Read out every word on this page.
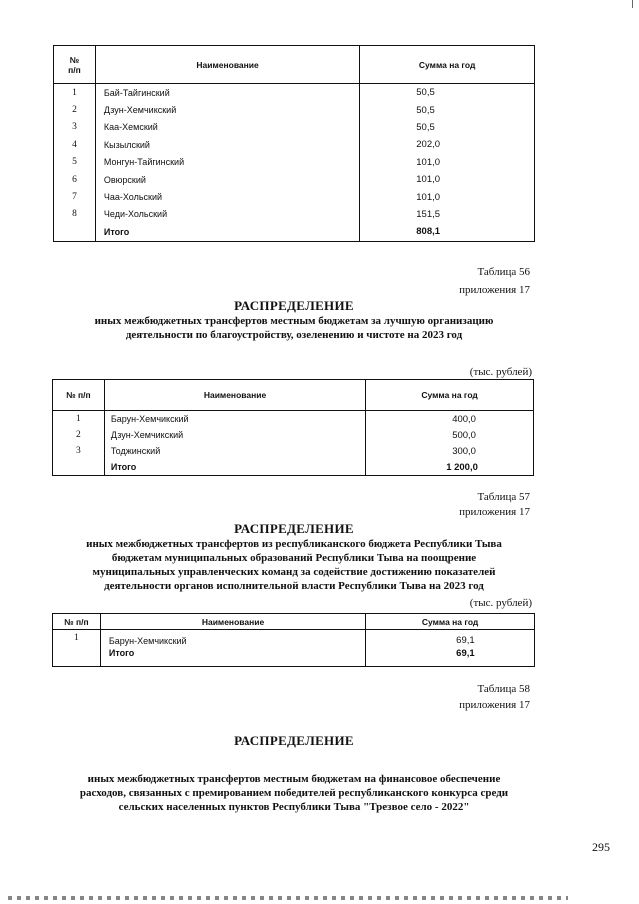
№
п/п	Наименование	Сумма на год
1	Бай-Тайгинский	50,5
2	Дзун-Хемчикский	50,5
3	Каа-Хемский	50,5
4	Кызылский	202,0
5	Монгун-Тайгинский	101,0
6	Овюрский	101,0
7	Чаа-Хольский	101,0
8	Чеди-Хольский	151,5
	Итого	808,1
Таблица 56
приложения 17
РАСПРЕДЕЛЕНИЕ
иных межбюджетных трансфертов местным бюджетам за лучшую организацию
деятельности по благоустройству, озеленению и чистоте на 2023 год
(тыс. рублей)
№ п/п	Наименование	Сумма на год
1	Барун-Хемчикский	400,0
2	Дзун-Хемчикский	500,0
3	Тоджинский	300,0
	Итого	1 200,0
Таблица 57
приложения 17
РАСПРЕДЕЛЕНИЕ
иных межбюджетных трансфертов из республиканского бюджета Республики Тыва
бюджетам муниципальных образований Республики Тыва на поощрение
муниципальных управленческих команд за содействие достижению показателей
деятельности органов исполнительной власти Республики Тыва на 2023 год
(тыс. рублей)
№ п/п	Наименование	Сумма на год
1	Барун-Хемчикский	69,1
	Итого	69,1
Таблица 58
приложения 17
РАСПРЕДЕЛЕНИЕ
иных межбюджетных трансфертов местным бюджетам на финансовое обеспечение
расходов, связанных с премированием победителей республиканского конкурса среди
сельских населенных пунктов Республики Тыва "Трезвое село - 2022"
295
